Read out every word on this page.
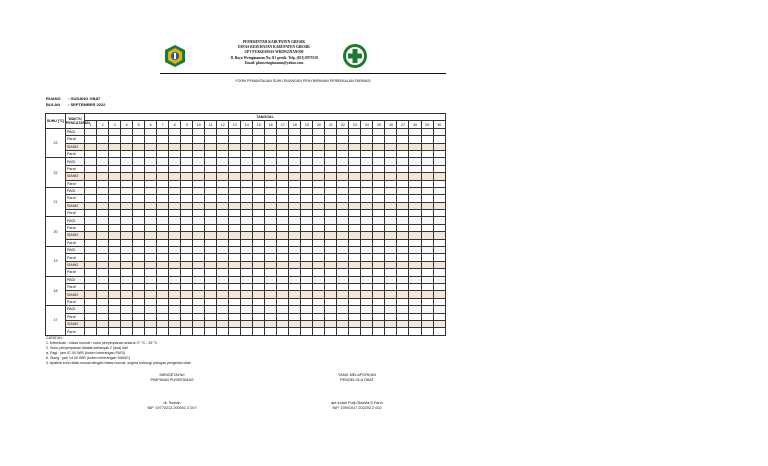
PEMERINTAH KABUPATEN GRESIK
DINAS KESEHATAN KABUPATEN GRESIK
UPT PUSKESMAS WRINGINANOM
Jl. Raya Wringinanom No.111 gresik. Telp. (031) 8975518
Email: pkmwringinanom@yahoo.com
FORM PEMANTAUAN SUHU RUANGAN PENYIMPANAN PERBEKALAN FARMASI
RUANG : GUDANG OBAT
BULAN : SEPTEMBER 2022
SUHU (°C)	WAKTU PENCATATAN	TANGGAL																													
		1	2	3	4	5	6	7	8	9	10	11	12	13	14	15	16	17	18	19	20	21	22	23	24	25	26	27	28	29	30
23	PAGI																														
	Paraf																														
	SIANG																														
	Paraf																														
22	PAGI																														
	Paraf																														
	SIANG																														
	Paraf																														
21	PAGI																														
	Paraf																														
	SIANG																														
	Paraf																														
20	PAGI																														
	Paraf																														
	SIANG																														
	Paraf																														
19	PAGI																														
	Paraf																														
	SIANG																														
	Paraf																														
18	PAGI																														
	Paraf																														
	SIANG																														
	Paraf																														
17	PAGI																														
	Paraf																														
	SIANG																														
	Paraf																														
CATATAN :
1. Ketentuan : batas normal / suhu penyimpanan antara/ 0° °C - 25 °C
2. Suhu penyimpanan dicatat sebanyak 2 (dua) kali
a. Pagi : jam 07.00 WIB (kolom keterangan PAGI)
b. Siang : jam 14.00 WIB (kolom keterangan SIANG)
3. Apabila suhu tidak sesuai dengan batas normal, segera hubungi petugas pengelola obat.
MENGETAHUI
PIMPINAN PUSKESMAS
dr. Soelah
NIP. 19770213 200501 2 007
YANG MELAPORKAN
PENGELOLA OBAT
apt.Indah Putji Oktavia,S.Farm
NIP. 19901017 202203 2 002
